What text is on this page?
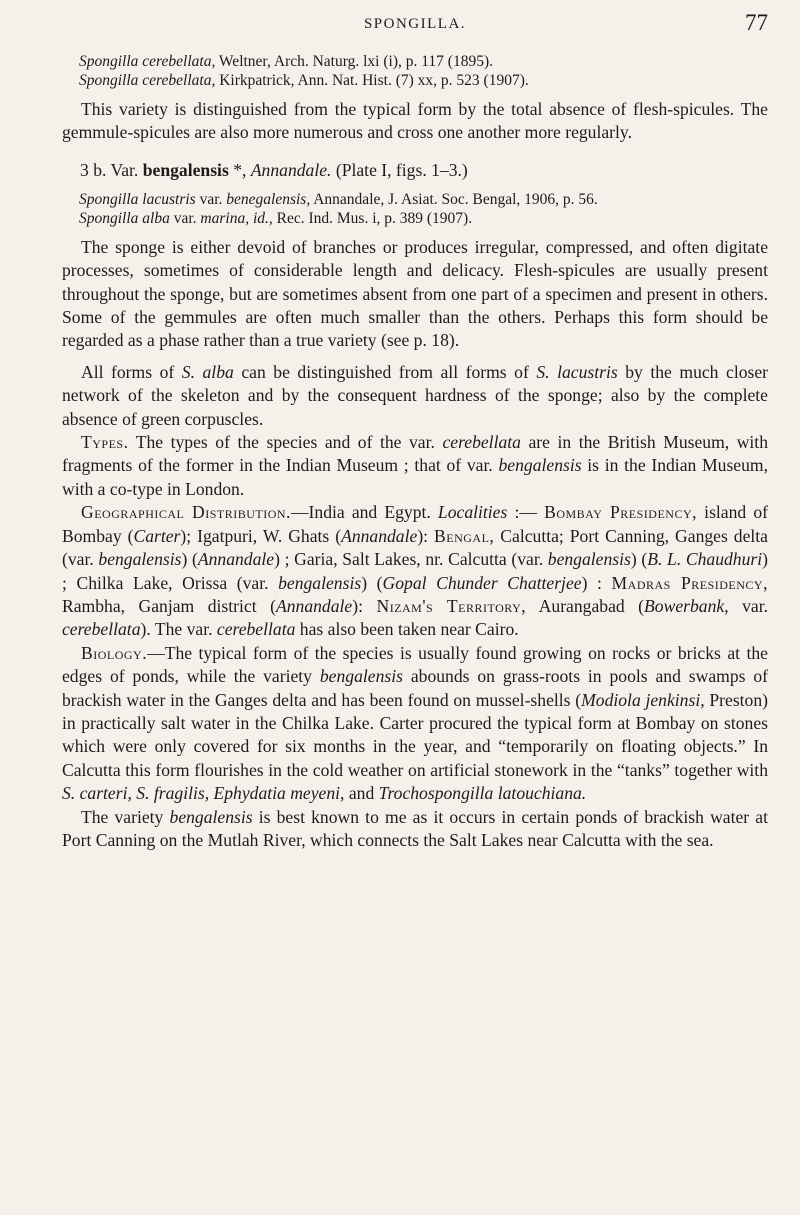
SPONGILLA.	77

Spongilla cerebellata, Weltner, Arch. Naturg. lxi (i), p. 117 (1895).

Spongilla cerebellata, Kirkpatrick, Ann. Nat. Hist. (7) xx, p. 523 (1907).

This variety is distinguished from the typical form by the total absence of flesh-spicules. The gemmule-spicules are also more numerous and cross one another more regularly.

3 b. Var. bengalensis *, Annandale. (Plate I, figs. 1–3.)

Spongilla lacustris var. benegalensis, Annandale, J. Asiat. Soc. Bengal, 1906, p. 56.

Spongilla alba var. marina, id., Rec. Ind. Mus. i, p. 389 (1907).

The sponge is either devoid of branches or produces irregular, compressed, and often digitate processes, sometimes of considerable length and delicacy. Flesh-spicules are usually present throughout the sponge, but are sometimes absent from one part of a specimen and present in others. Some of the gemmules are often much smaller than the others. Perhaps this form should be regarded as a phase rather than a true variety (see p. 18).

All forms of S. alba can be distinguished from all forms of S. lacustris by the much closer network of the skeleton and by the consequent hardness of the sponge; also by the complete absence of green corpuscles.

Types. The types of the species and of the var. cerebellata are in the British Museum, with fragments of the former in the Indian Museum ; that of var. bengalensis is in the Indian Museum, with a co-type in London.

Geographical Distribution.—India and Egypt. Localities :— Bombay Presidency, island of Bombay (Carter); Igatpuri, W. Ghats (Annandale): Bengal, Calcutta; Port Canning, Ganges delta (var. bengalensis) (Annandale) ; Garia, Salt Lakes, nr. Calcutta (var. bengalensis) (B. L. Chaudhuri) ; Chilka Lake, Orissa (var. bengalensis) (Gopal Chunder Chatterjee) : Madras Presidency, Rambha, Ganjam district (Annandale): Nizam's Territory, Aurangabad (Bowerbank, var. cerebellata). The var. cerebellata has also been taken near Cairo.

Biology.—The typical form of the species is usually found growing on rocks or bricks at the edges of ponds, while the variety bengalensis abounds on grass-roots in pools and swamps of brackish water in the Ganges delta and has been found on mussel-shells (Modiola jenkinsi, Preston) in practically salt water in the Chilka Lake. Carter procured the typical form at Bombay on stones which were only covered for six months in the year, and “temporarily on floating objects.” In Calcutta this form flourishes in the cold weather on artificial stonework in the “tanks” together with S. carteri, S. fragilis, Ephydatia meyeni, and Trochospongilla latouchiana.

The variety bengalensis is best known to me as it occurs in certain ponds of brackish water at Port Canning on the Mutlah River, which connects the Salt Lakes near Calcutta with the sea.
